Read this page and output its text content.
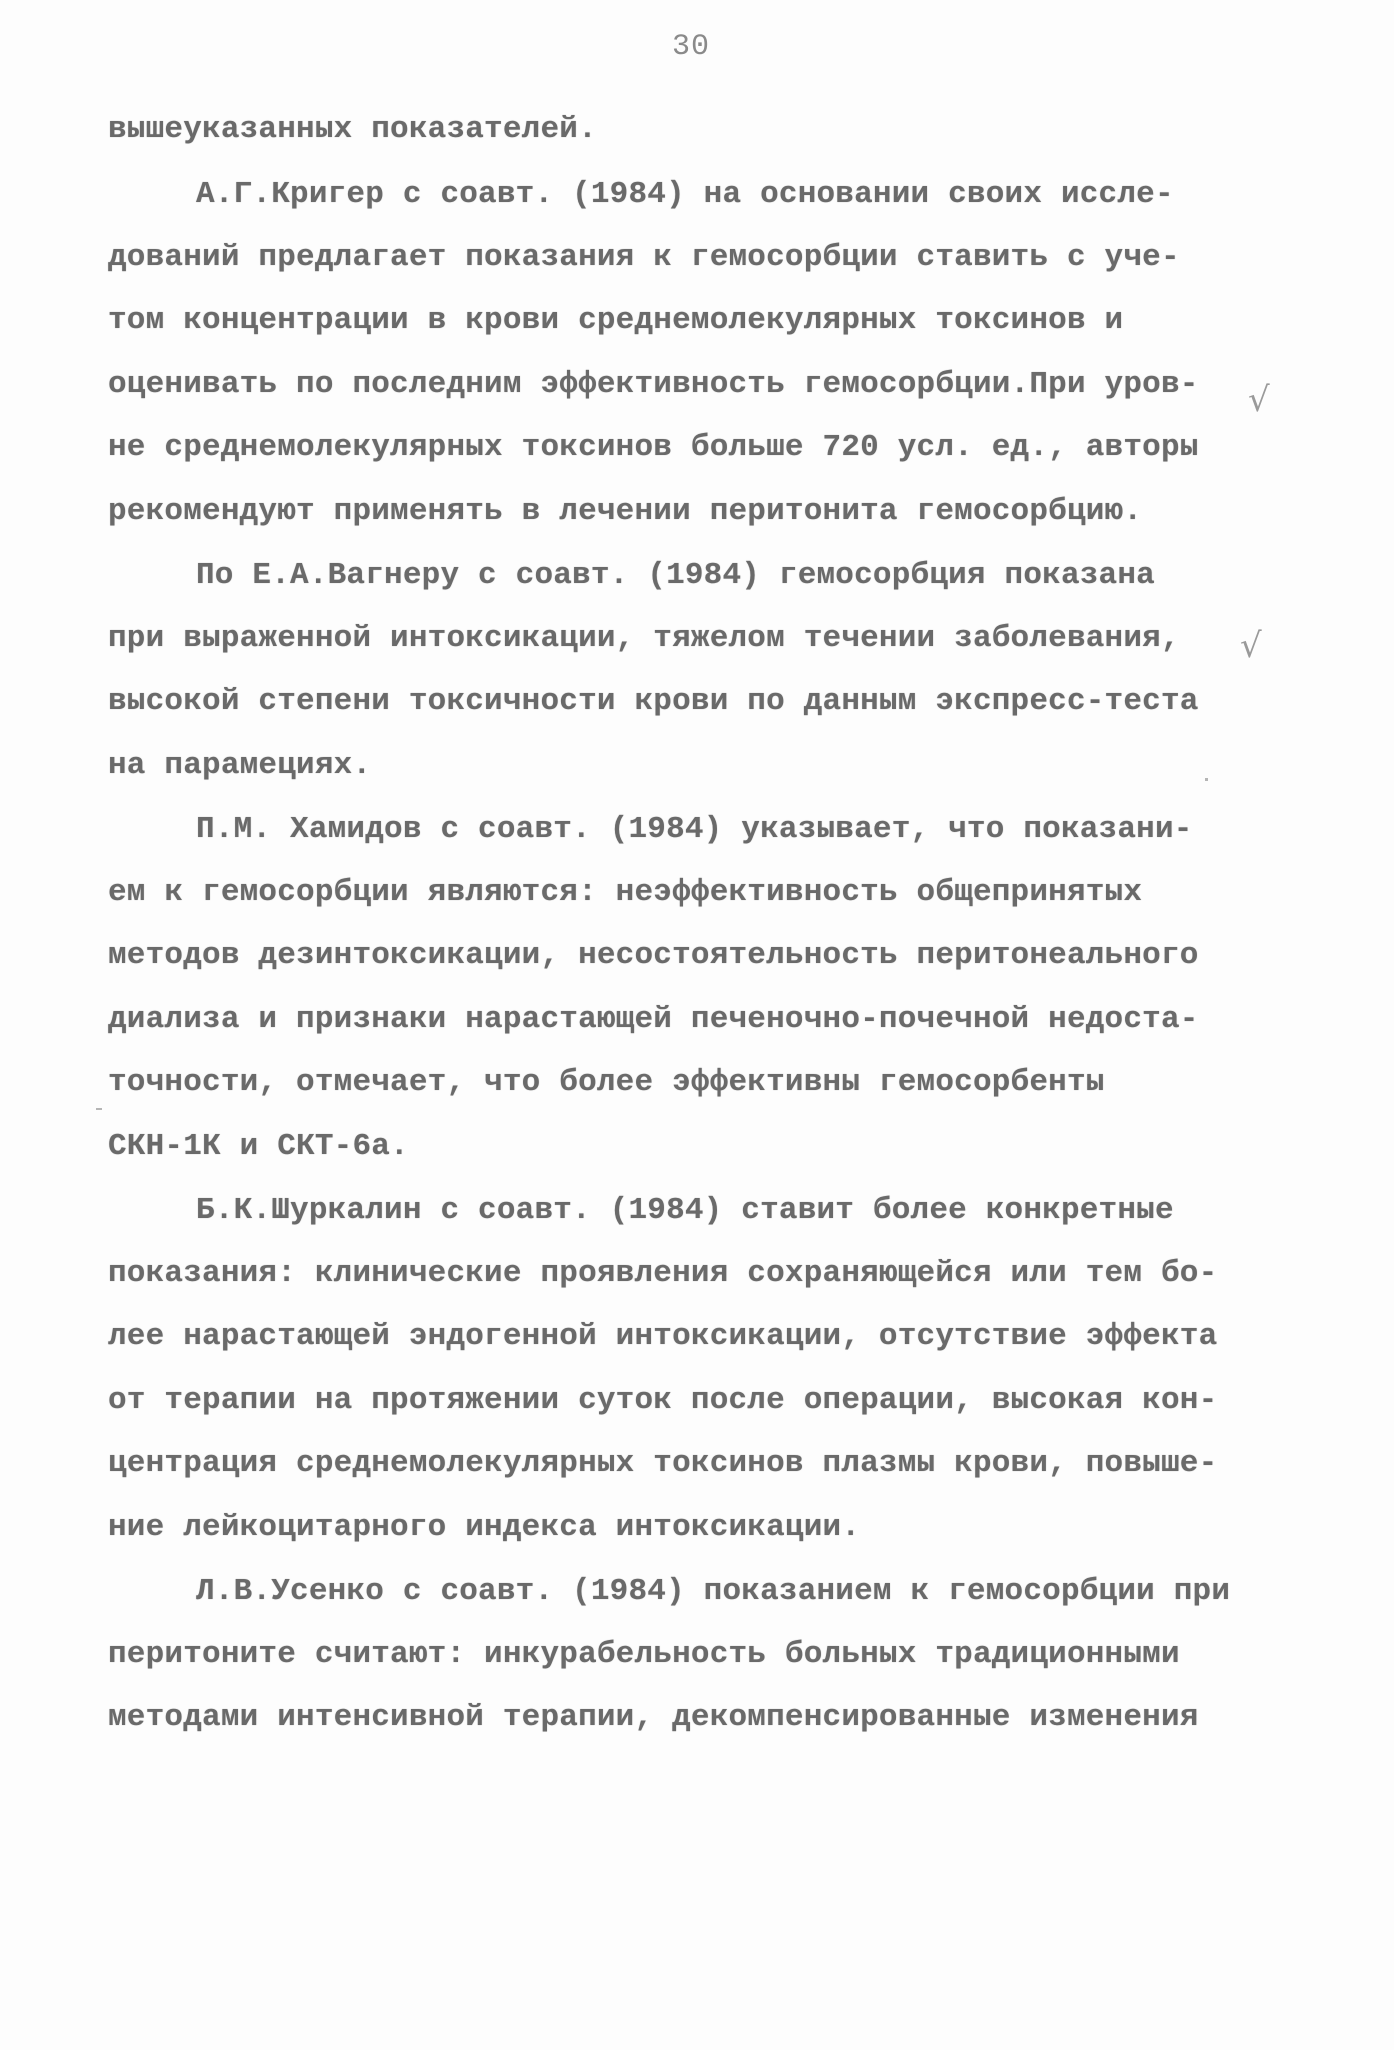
30
вышеуказанных показателей.
А.Г.Кригер с соавт. (1984) на основании своих иссле-
дований предлагает показания к гемосорбции ставить с уче-
том концентрации в крови среднемолекулярных токсинов и
оценивать по последним эффективность гемосорбции.При уров-
не среднемолекулярных токсинов больше 720 усл. ед., авторы
рекомендуют применять в лечении перитонита гемосорбцию.
По Е.А.Вагнеру с соавт. (1984) гемосорбция показана
при выраженной интоксикации, тяжелом течении заболевания,
высокой степени токсичности крови по данным экспресс-теста
на парамециях.
П.М. Хамидов с соавт. (1984) указывает, что показани-
ем к гемосорбции являются: неэффективность общепринятых
методов дезинтоксикации, несостоятельность перитонеального
диализа и признаки нарастающей печеночно-почечной недоста-
точности, отмечает, что более эффективны гемосорбенты
СКН-1К и СКТ-6а.
Б.К.Шуркалин с соавт. (1984) ставит более конкретные
показания: клинические проявления сохраняющейся или тем бо-
лее нарастающей эндогенной интоксикации, отсутствие эффекта
от терапии на протяжении суток после операции, высокая кон-
центрация среднемолекулярных токсинов плазмы крови, повыше-
ние лейкоцитарного индекса интоксикации.
Л.В.Усенко с соавт. (1984) показанием к гемосорбции при
перитоните считают: инкурабельность больных традиционными
методами интенсивной терапии, декомпенсированные изменения
√
√
